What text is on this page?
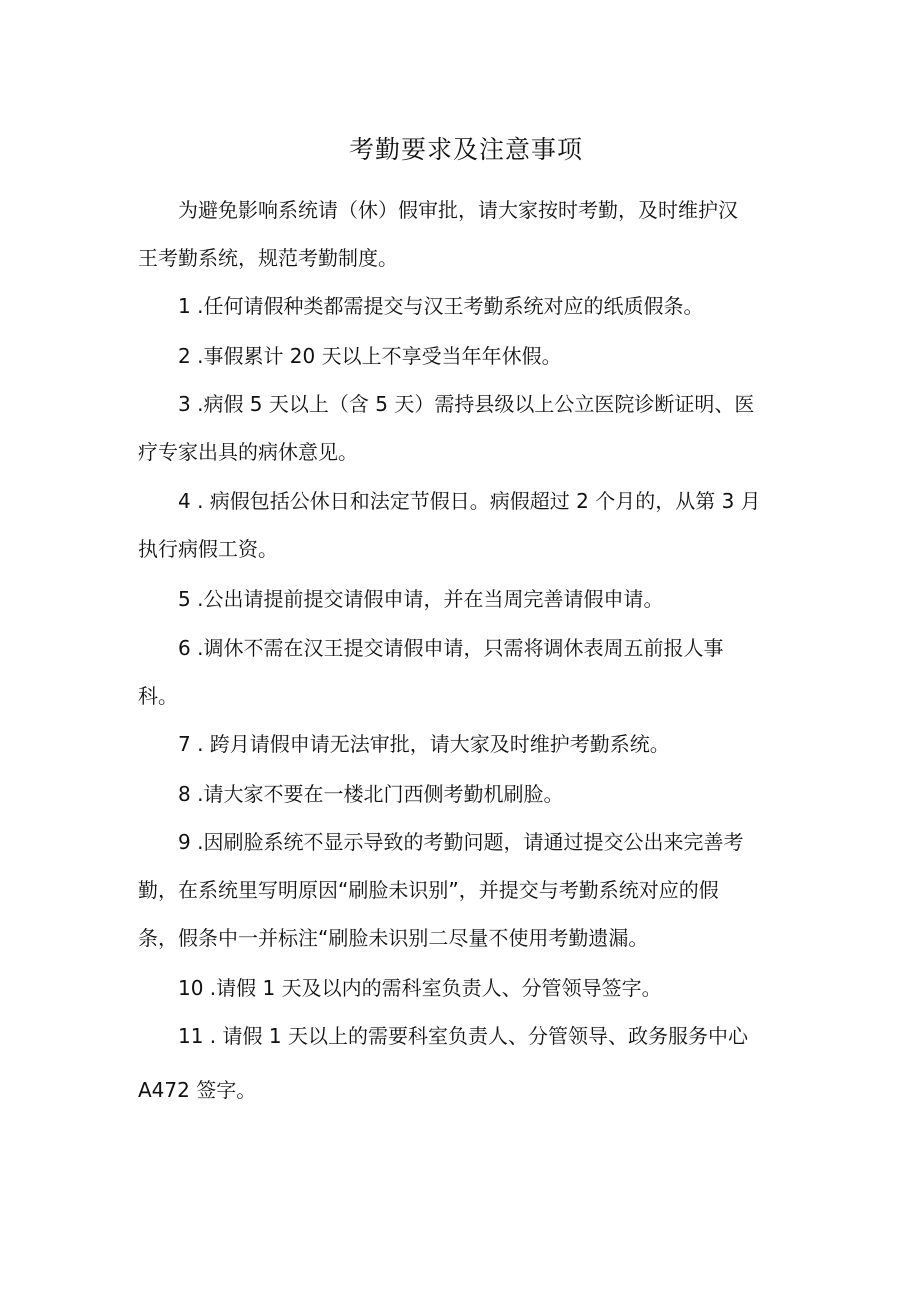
考勤要求及注意事项
为避免影响系统请（休）假审批，请大家按时考勤，及时维护汉
王考勤系统，规范考勤制度。
1 .任何请假种类都需提交与汉王考勤系统对应的纸质假条。
2 .事假累计 20 天以上不享受当年年休假。
3 .病假 5 天以上（含 5 天）需持县级以上公立医院诊断证明、医
疗专家出具的病休意见。
4 . 病假包括公休日和法定节假日。病假超过 2 个月的，从第 3 月
执行病假工资。
5 .公出请提前提交请假申请，并在当周完善请假申请。
6 .调休不需在汉王提交请假申请，只需将调休表周五前报人事
科。
7 . 跨月请假申请无法审批，请大家及时维护考勤系统。
8 .请大家不要在一楼北门西侧考勤机刷脸。
9 .因刷脸系统不显示导致的考勤问题，请通过提交公出来完善考
勤，在系统里写明原因“刷脸未识别”，并提交与考勤系统对应的假
条，假条中一并标注“刷脸未识别二尽量不使用考勤遗漏。
10 .请假 1 天及以内的需科室负责人、分管领导签字。
11 . 请假 1 天以上的需要科室负责人、分管领导、政务服务中心
A472 签字。
